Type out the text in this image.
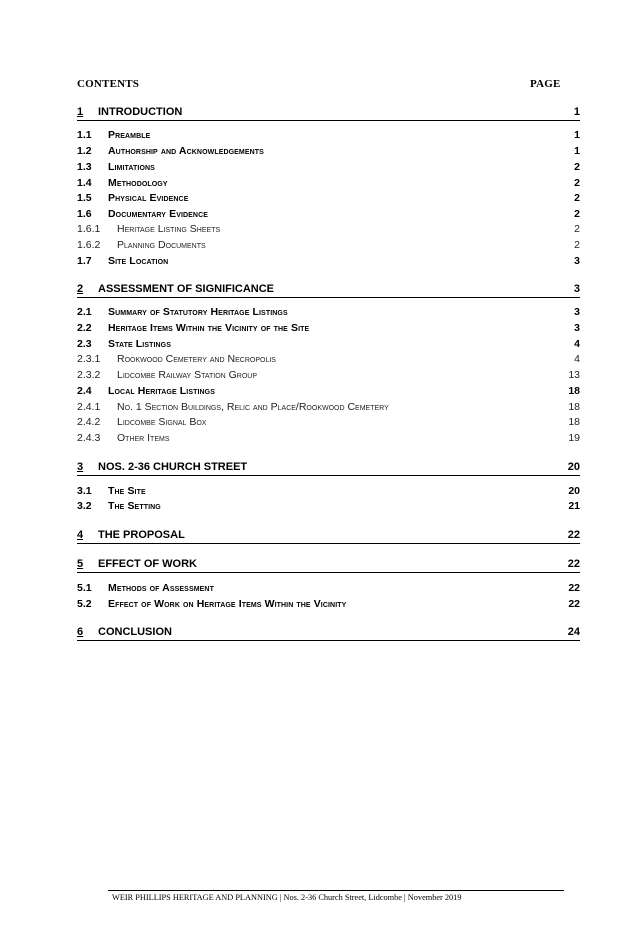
CONTENTS	PAGE
1 INTRODUCTION	1
1.1 Preamble	1
1.2 Authorship and Acknowledgements	1
1.3 Limitations	2
1.4 Methodology	2
1.5 Physical Evidence	2
1.6 Documentary Evidence	2
1.6.1 Heritage Listing Sheets	2
1.6.2 Planning Documents	2
1.7 Site Location	3
2 ASSESSMENT OF SIGNIFICANCE	3
2.1 Summary of Statutory Heritage Listings	3
2.2 Heritage Items Within the Vicinity of the Site	3
2.3 State Listings	4
2.3.1 Rookwood Cemetery and Necropolis	4
2.3.2 Lidcombe Railway Station Group	13
2.4 Local Heritage Listings	18
2.4.1 No. 1 Section Buildings, Relic and Place/Rookwood Cemetery	18
2.4.2 Lidcombe Signal Box	18
2.4.3 Other Items	19
3 NOS. 2-36 CHURCH STREET	20
3.1 The Site	20
3.2 The Setting	21
4 THE PROPOSAL	22
5 EFFECT OF WORK	22
5.1 Methods of Assessment	22
5.2 Effect of Work on Heritage Items Within the Vicinity	22
6 CONCLUSION	24
WEIR PHILLIPS HERITAGE AND PLANNING | Nos. 2-36 Church Street, Lidcombe | November 2019
